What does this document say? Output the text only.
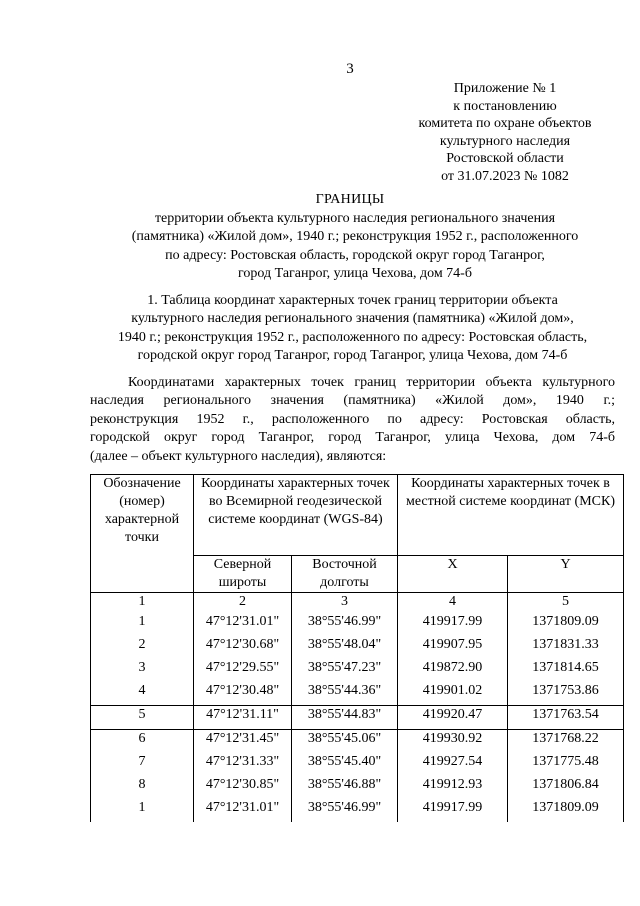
3
Приложение № 1
к постановлению
комитета по охране объектов
культурного наследия
Ростовской области
от 31.07.2023 № 1082
ГРАНИЦЫ
территории объекта культурного наследия регионального значения
(памятника) «Жилой дом», 1940 г.; реконструкция 1952 г., расположенного
по адресу: Ростовская область, городской округ город Таганрог,
город Таганрог, улица Чехова, дом 74-б
1. Таблица координат характерных точек границ территории объекта
культурного наследия регионального значения (памятника) «Жилой дом»,
1940 г.; реконструкция 1952 г., расположенного по адресу: Ростовская область,
городской округ город Таганрог, город Таганрог, улица Чехова, дом 74-б
Координатами характерных точек границ территории объекта культурного
наследия регионального значения (памятника) «Жилой дом», 1940 г.;
реконструкция 1952 г., расположенного по адресу: Ростовская область,
городской округ город Таганрог, город Таганрог, улица Чехова, дом 74-б
(далее – объект культурного наследия), являются:
Обозначение (номер) характерной точки	Координаты характерных точек во Всемирной геодезической системе координат (WGS-84)		Координаты характерных точек в местной системе координат (МСК)	
	Северной широты	Восточной долготы	X	Y
1	2	3	4	5
1	47°12'31.01"	38°55'46.99"	419917.99	1371809.09
2	47°12'30.68"	38°55'48.04"	419907.95	1371831.33
3	47°12'29.55"	38°55'47.23"	419872.90	1371814.65
4	47°12'30.48"	38°55'44.36"	419901.02	1371753.86
5	47°12'31.11"	38°55'44.83"	419920.47	1371763.54
6	47°12'31.45"	38°55'45.06"	419930.92	1371768.22
7	47°12'31.33"	38°55'45.40"	419927.54	1371775.48
8	47°12'30.85"	38°55'46.88"	419912.93	1371806.84
1	47°12'31.01"	38°55'46.99"	419917.99	1371809.09
